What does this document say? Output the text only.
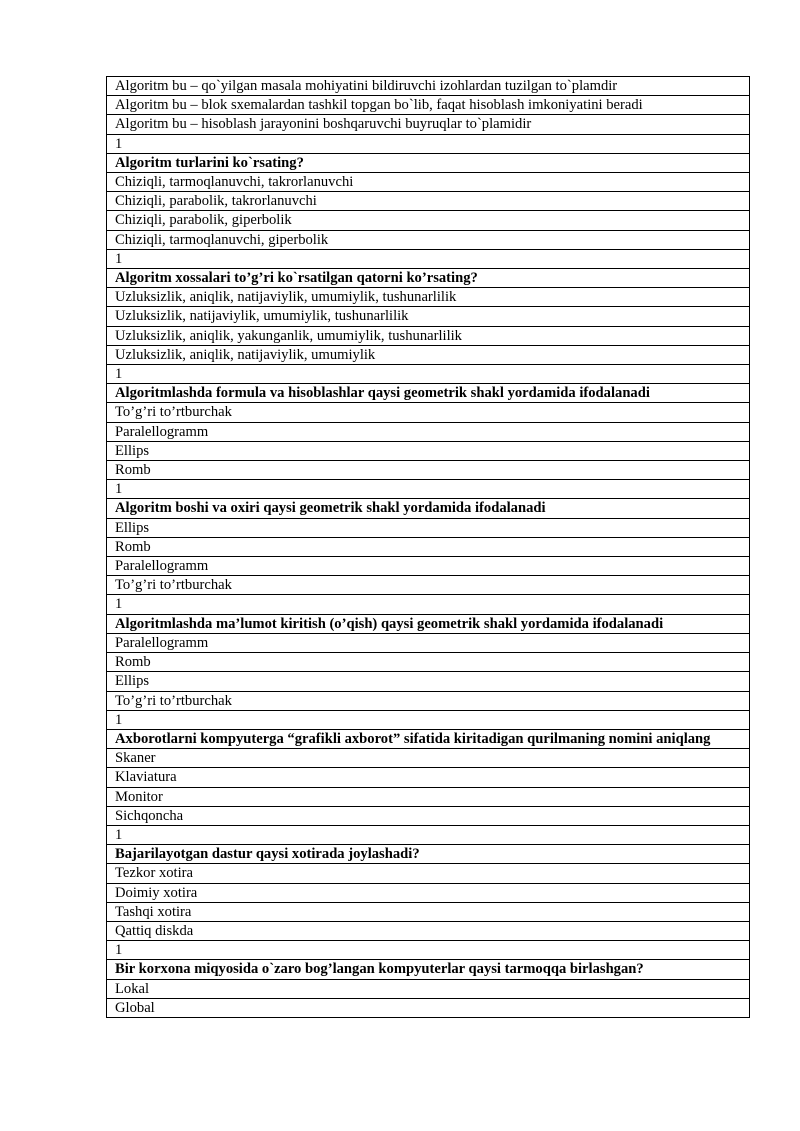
Algoritm bu – qo`yilgan masala mohiyatini bildiruvchi izohlardan tuzilgan to`plamdir
Algoritm bu – blok sxemalardan tashkil topgan bo`lib, faqat hisoblash imkoniyatini beradi
Algoritm bu – hisoblash jarayonini boshqaruvchi buyruqlar to`plamidir
1
Algoritm turlarini ko`rsating?
Chiziqli, tarmoqlanuvchi, takrorlanuvchi
Chiziqli, parabolik, takrorlanuvchi
Chiziqli, parabolik, giperbolik
Chiziqli, tarmoqlanuvchi, giperbolik
1
Algoritm xossalari to’g’ri ko`rsatilgan qatorni ko’rsating?
Uzluksizlik, aniqlik, natijaviylik, umumiylik, tushunarlilik
Uzluksizlik, natijaviylik, umumiylik, tushunarlilik
Uzluksizlik, aniqlik, yakunganlik, umumiylik, tushunarlilik
Uzluksizlik, aniqlik, natijaviylik, umumiylik
1
Algoritmlashda formula va hisoblashlar qaysi geometrik shakl yordamida ifodalanadi
To’g’ri to’rtburchak
Paralellogramm
Ellips
Romb
1
Algoritm boshi va oxiri qaysi geometrik shakl yordamida ifodalanadi
Ellips
Romb
Paralellogramm
To’g’ri to’rtburchak
1
Algoritmlashda ma’lumot kiritish (o’qish) qaysi geometrik shakl yordamida ifodalanadi
Paralellogramm
Romb
Ellips
To’g’ri to’rtburchak
1
Axborotlarni kompyuterga “grafikli axborot” sifatida kiritadigan qurilmaning nomini aniqlang
Skaner
Klaviatura
Monitor
Sichqoncha
1
Bajarilayotgan dastur qaysi xotirada joylashadi?
Tezkor xotira
Doimiy xotira
Tashqi xotira
Qattiq diskda
1
Bir korxona miqyosida o`zaro bog’langan kompyuterlar qaysi tarmoqqa birlashgan?
Lokal
Global
